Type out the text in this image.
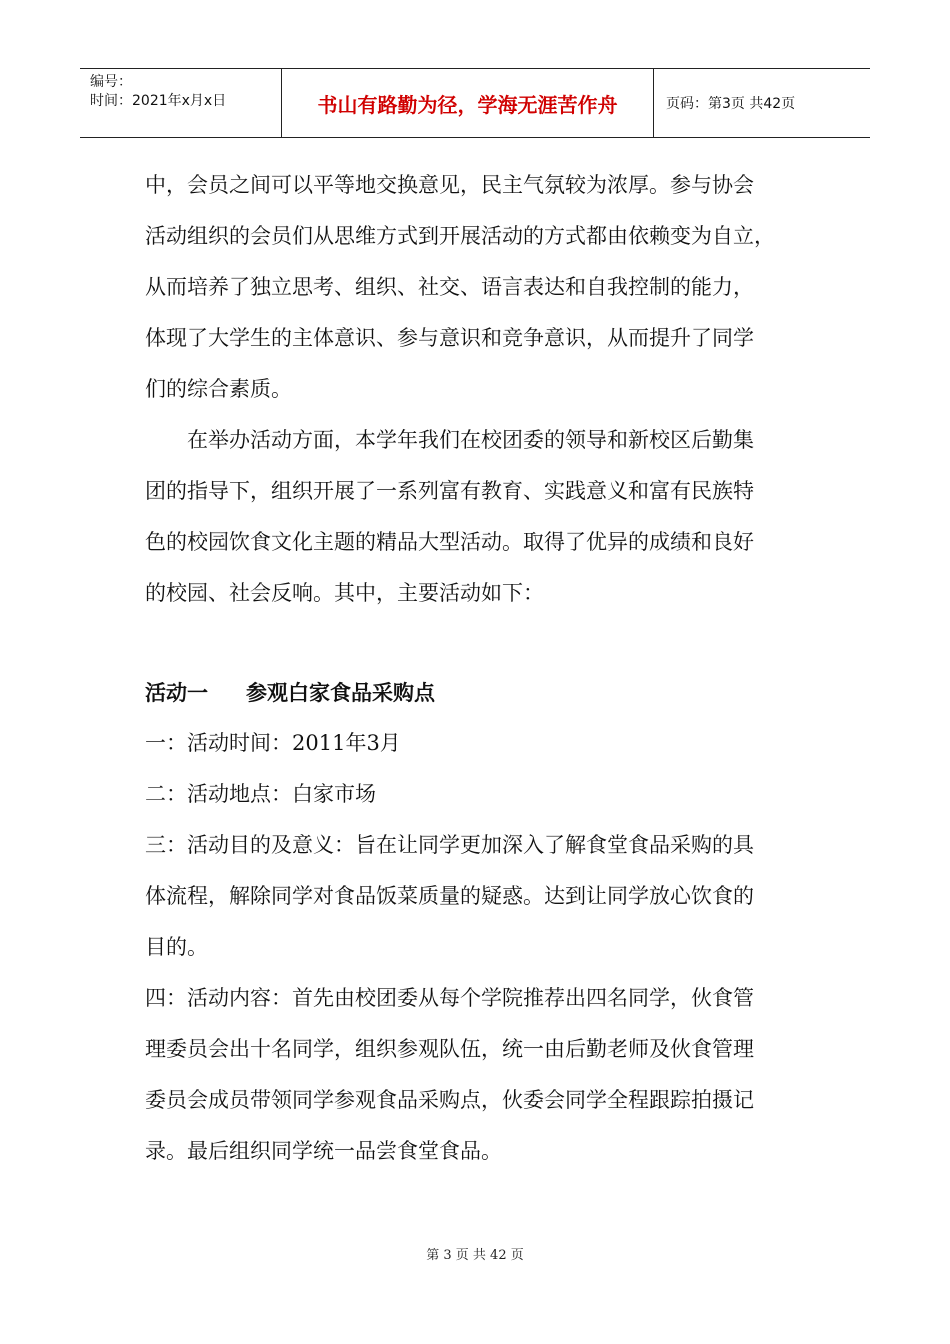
编号：
时间：2021年x月x日	书山有路勤为径，学海无涯苦作舟	页码：第3页 共42页

中，会员之间可以平等地交换意见，民主气氛较为浓厚。参与协会

活动组织的会员们从思维方式到开展活动的方式都由依赖变为自立，

从而培养了独立思考、组织、社交、语言表达和自我控制的能力，

体现了大学生的主体意识、参与意识和竞争意识，从而提升了同学

们的综合素质。

在举办活动方面，本学年我们在校团委的领导和新校区后勤集

团的指导下，组织开展了一系列富有教育、实践意义和富有民族特

色的校园饮食文化主题的精品大型活动。取得了优异的成绩和良好

的校园、社会反响。其中，主要活动如下：

活动一 参观白家食品采购点

一：活动时间：2011年3月

二：活动地点：白家市场

三：活动目的及意义：旨在让同学更加深入了解食堂食品采购的具

体流程，解除同学对食品饭菜质量的疑惑。达到让同学放心饮食的

目的。

四：活动内容：首先由校团委从每个学院推荐出四名同学，伙食管

理委员会出十名同学，组织参观队伍，统一由后勤老师及伙食管理

委员会成员带领同学参观食品采购点，伙委会同学全程跟踪拍摄记

录。最后组织同学统一品尝食堂食品。

第 3 页 共 42 页
